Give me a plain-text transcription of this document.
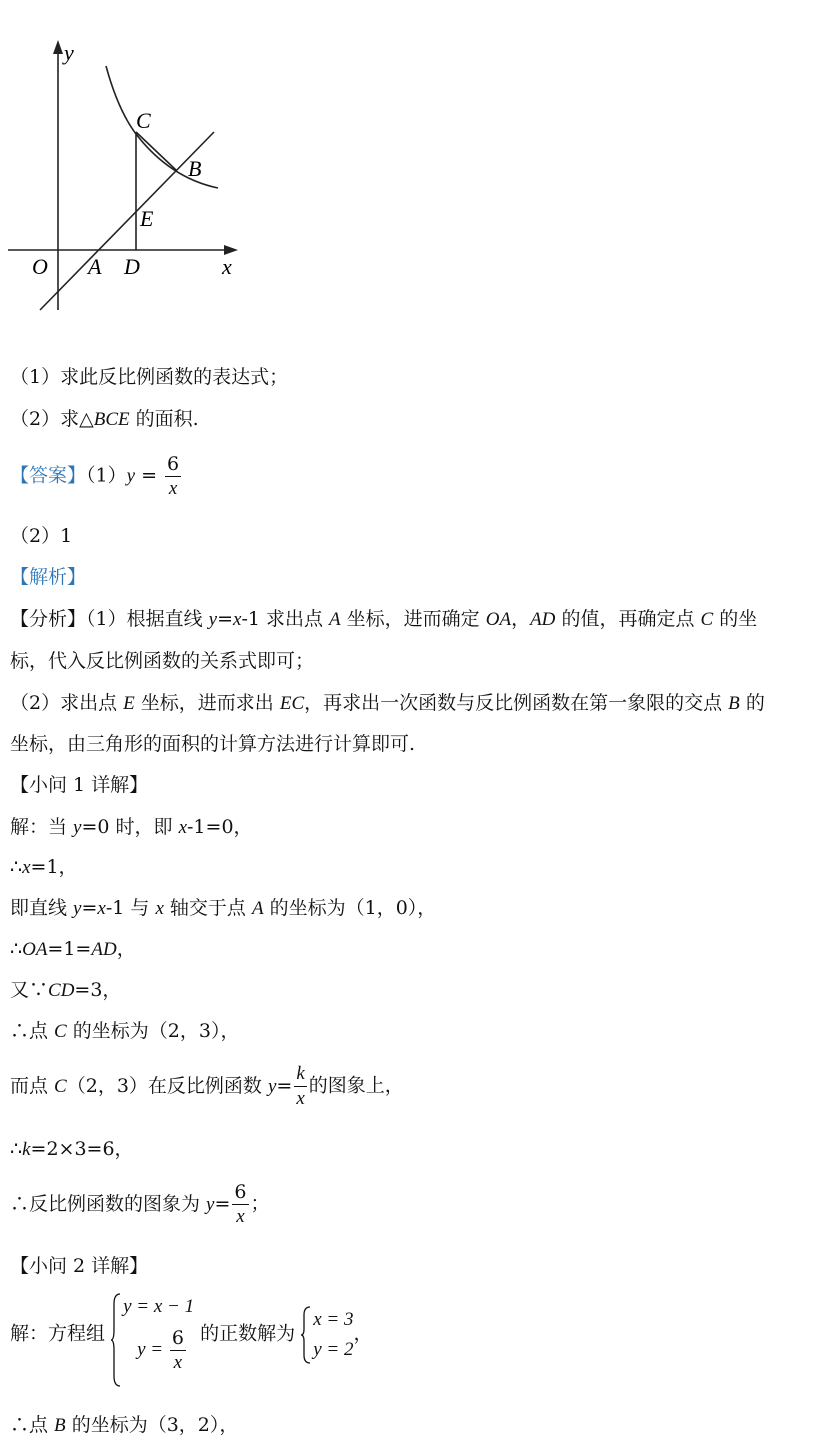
y
x
O A D
C
B
E
（1）求此反比例函数的表达式；
（2）求△BCE 的面积.
【答案】$(1)y = \frac{6}{x}$
（2）1
【解析】
【分析】（1）根据直线 y=x-1 求出点 A 坐标，进而确定 OA，AD 的值，再确定点 C 的坐
标，代入反比例函数的关系式即可；
（2）求出点 E 坐标，进而求出 EC，再求出一次函数与反比例函数在第一象限的交点 B 的
坐标，由三角形的面积的计算方法进行计算即可.
【小问 1 详解】
解：当 y=0 时，即 x-1=0，
∴x=1，
即直线 y=x-1 与 x 轴交于点 A 的坐标为（1，0），
∴OA=1=AD，
又∵CD=3，
∴点 C 的坐标为（2，3），
而点 C（2，3）在反比例函数 $y= \frac{k}{x}$ 的图象上，
∴k=2×3=6，
∴反比例函数的图象为 $y= \frac{6}{x}$ ；
【小问 2 详解】
解：方程组
y = x − 1
$y = \frac{6}{x}$ 的正数解为
x = 3
y = 2
，
∴点 B 的坐标为（3，2），
